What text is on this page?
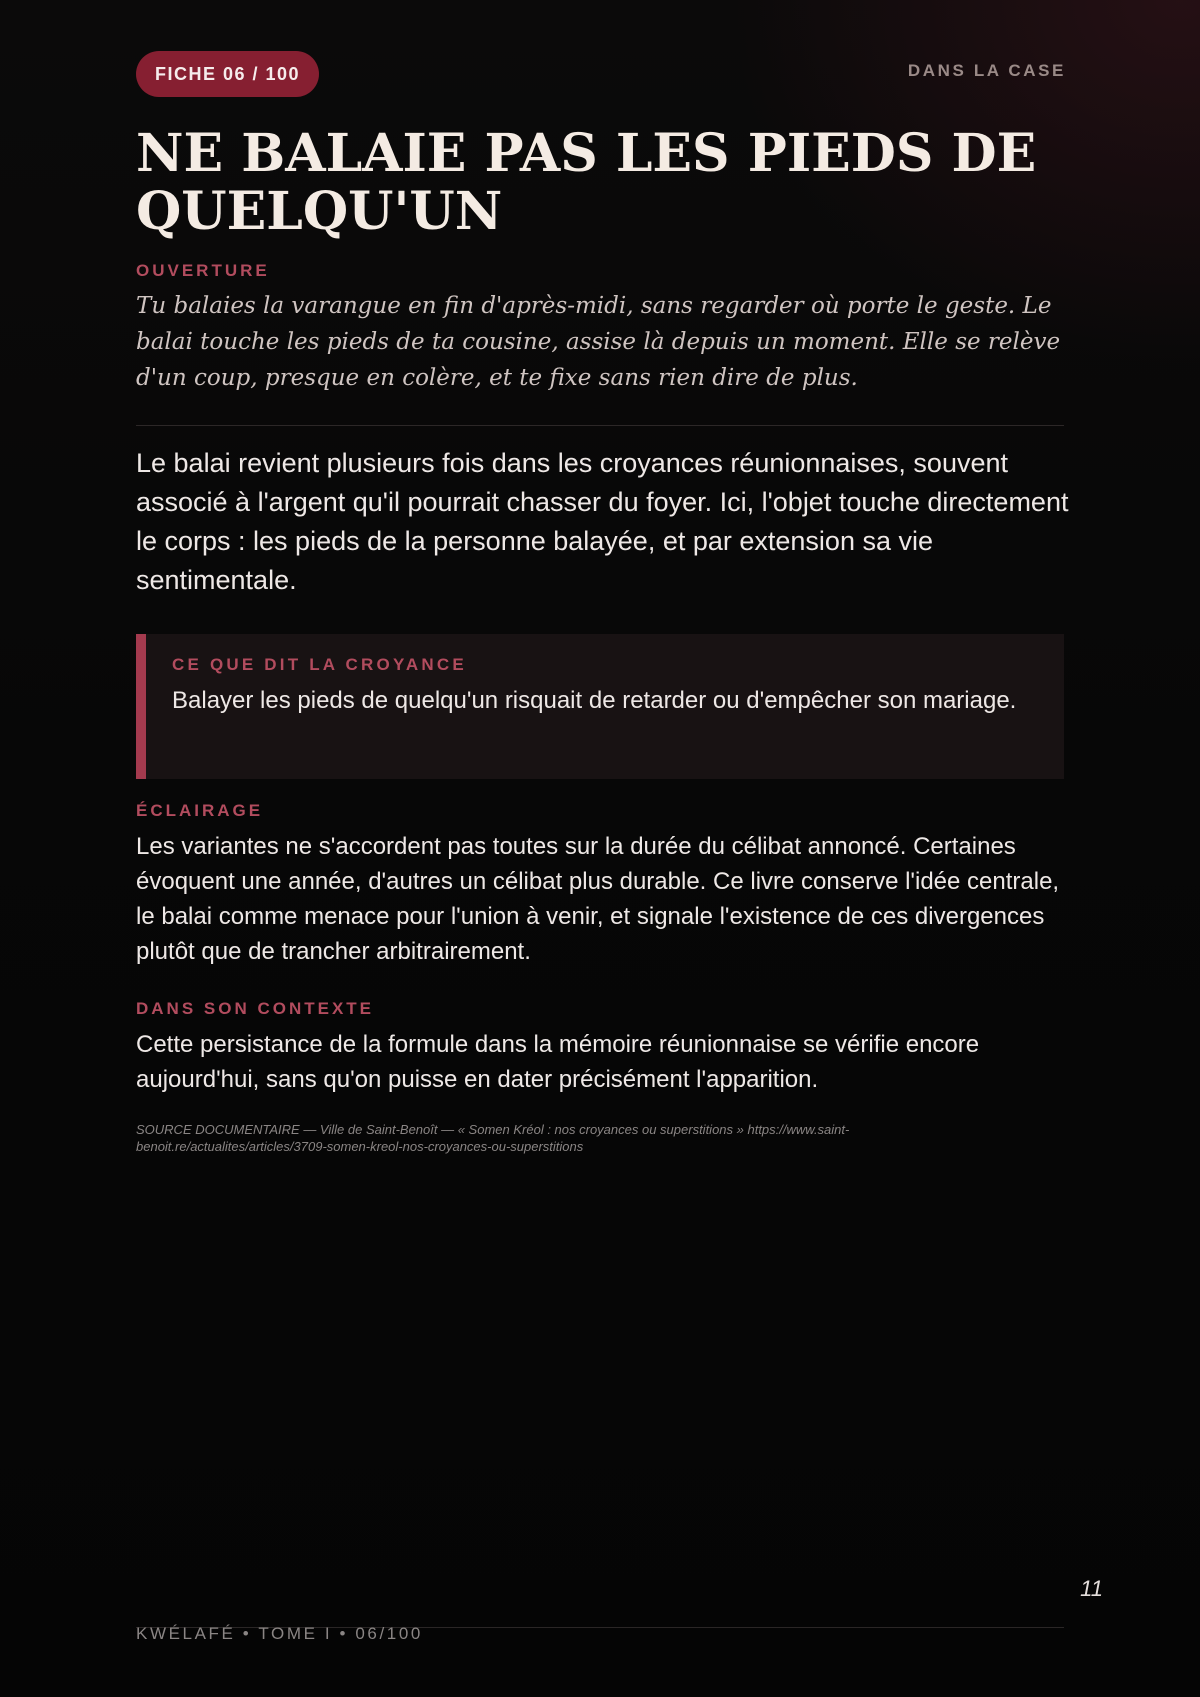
FICHE 06 / 100	DANS LA CASE
NE BALAIE PAS LES PIEDS DE QUELQU'UN
OUVERTURE

Tu balaies la varangue en fin d'après-midi, sans regarder où porte le geste. Le balai touche les pieds de ta cousine, assise là depuis un moment. Elle se relève d'un coup, presque en colère, et te fixe sans rien dire de plus.

Le balai revient plusieurs fois dans les croyances réunionnaises, souvent associé à l'argent qu'il pourrait chasser du foyer. Ici, l'objet touche directement le corps : les pieds de la personne balayée, et par extension sa vie sentimentale.

CE QUE DIT LA CROYANCE

Balayer les pieds de quelqu'un risquait de retarder ou d'empêcher son mariage.

ÉCLAIRAGE

Les variantes ne s'accordent pas toutes sur la durée du célibat annoncé. Certaines évoquent une année, d'autres un célibat plus durable. Ce livre conserve l'idée centrale, le balai comme menace pour l'union à venir, et signale l'existence de ces divergences plutôt que de trancher arbitrairement.

DANS SON CONTEXTE

Cette persistance de la formule dans la mémoire réunionnaise se vérifie encore aujourd'hui, sans qu'on puisse en dater précisément l'apparition.

SOURCE DOCUMENTAIRE — Ville de Saint-Benoît — « Somen Kréol : nos croyances ou superstitions » https://www.saint-benoit.re/actualites/articles/3709-somen-kreol-nos-croyances-ou-superstitions

11
KWÉLAFÉ • TOME I • 06/100
